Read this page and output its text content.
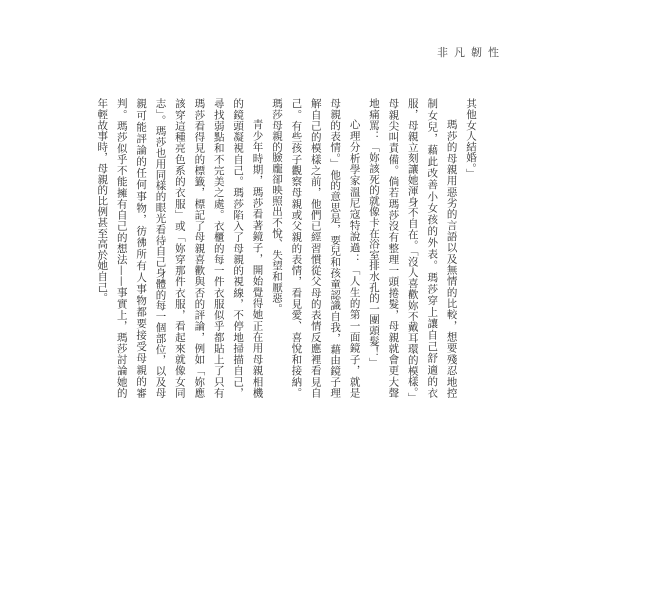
非凡韌性

其他女人結婚。」

瑪莎的母親用惡劣的言語以及無情的比較，想要殘忍地控制女兒，藉此改善小女孩的外表。瑪莎穿上讓自己舒適的衣服，母親立刻讓她渾身不自在。「沒人喜歡妳不戴耳環的模樣。」母親尖叫責備。倘若瑪莎沒有整理一頭捲髮，母親就會更大聲地痛罵：「妳該死的就像卡在浴室排水孔的一團頭髮！」

心理分析學家溫尼寇特說過：「人生的第一面鏡子，就是母親的表情。」他的意思是，要兒和孩童認識自我，藉由鏡子理解自己的模樣之前，他們已經習慣從父母的表情反應裡看見自己。有些孩子觀察母親或父親的表情，看見愛、喜悅和接納。瑪莎母親的臉龐卻映照出不悅、失望和厭惡。

青少年時期，瑪莎看著鏡子，開始覺得她正在用母親相機的鏡頭凝視自己。瑪莎陷入了母親的視線，不停地掃描自己，尋找弱點和不完美之處。衣櫃的每一件衣服似乎都貼上了只有瑪莎看得見的標籤，標記了母親喜歡與否的評論，例如「妳應該穿這種亮色系的衣服」或「妳穿那件衣服，看起來就像女同志」。瑪莎也用同樣的眼光看待自己身體的每一個部位，以及母親可能評論的任何事物，彷彿所有人事物都要接受母親的審判。瑪莎似乎不能擁有自己的想法——事實上，瑪莎討論她的年輕故事時，母親的比例甚至高於她自己。
